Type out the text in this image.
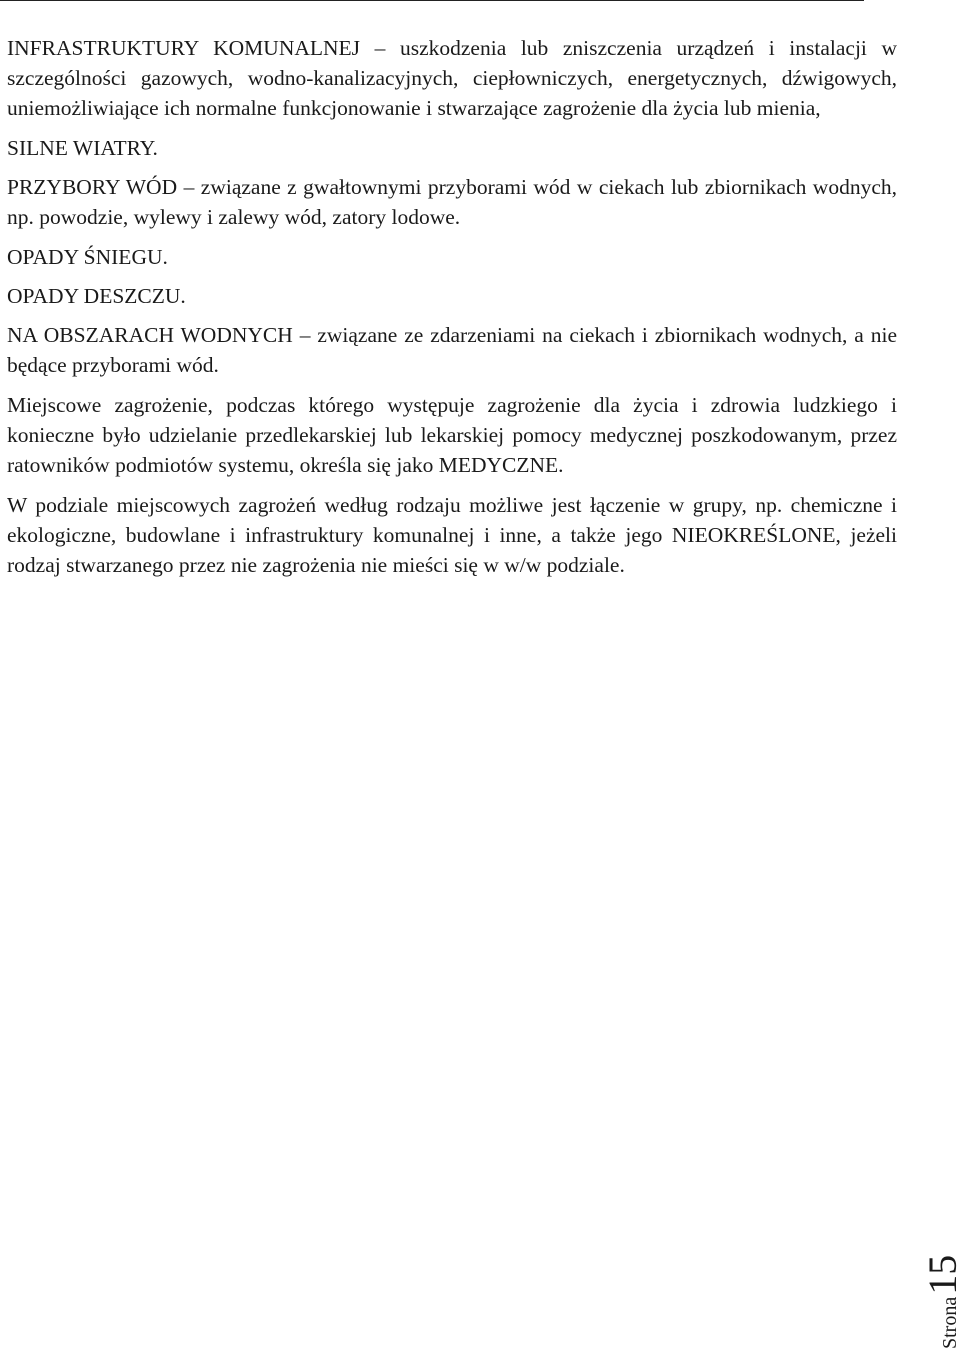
INFRASTRUKTURY KOMUNALNEJ – uszkodzenia lub zniszczenia urządzeń i instalacji w szczególności gazowych, wodno-kanalizacyjnych, ciepłowniczych, energetycznych, dźwigowych, uniemożliwiające ich normalne funkcjonowanie i stwarzające zagrożenie dla życia lub mienia,

SILNE WIATRY.

PRZYBORY WÓD – związane z gwałtownymi przyborami wód w ciekach lub zbiornikach wodnych, np. powodzie, wylewy i zalewy wód, zatory lodowe.

OPADY ŚNIEGU.

OPADY DESZCZU.

NA OBSZARACH WODNYCH – związane ze zdarzeniami na ciekach i zbiornikach wodnych, a nie będące przyborami wód.

Miejscowe zagrożenie, podczas którego występuje zagrożenie dla życia i zdrowia ludzkiego i konieczne było udzielanie przedlekarskiej lub lekarskiej pomocy medycznej poszkodowanym, przez ratowników podmiotów systemu, określa się jako MEDYCZNE.

W podziale miejscowych zagrożeń według rodzaju możliwe jest łączenie w grupy, np. chemiczne i ekologiczne, budowlane i infrastruktury komunalnej i inne, a także jego NIEOKREŚLONE, jeżeli rodzaj stwarzanego przez nie zagrożenia nie mieści się w w/w podziale.

Strona
15
